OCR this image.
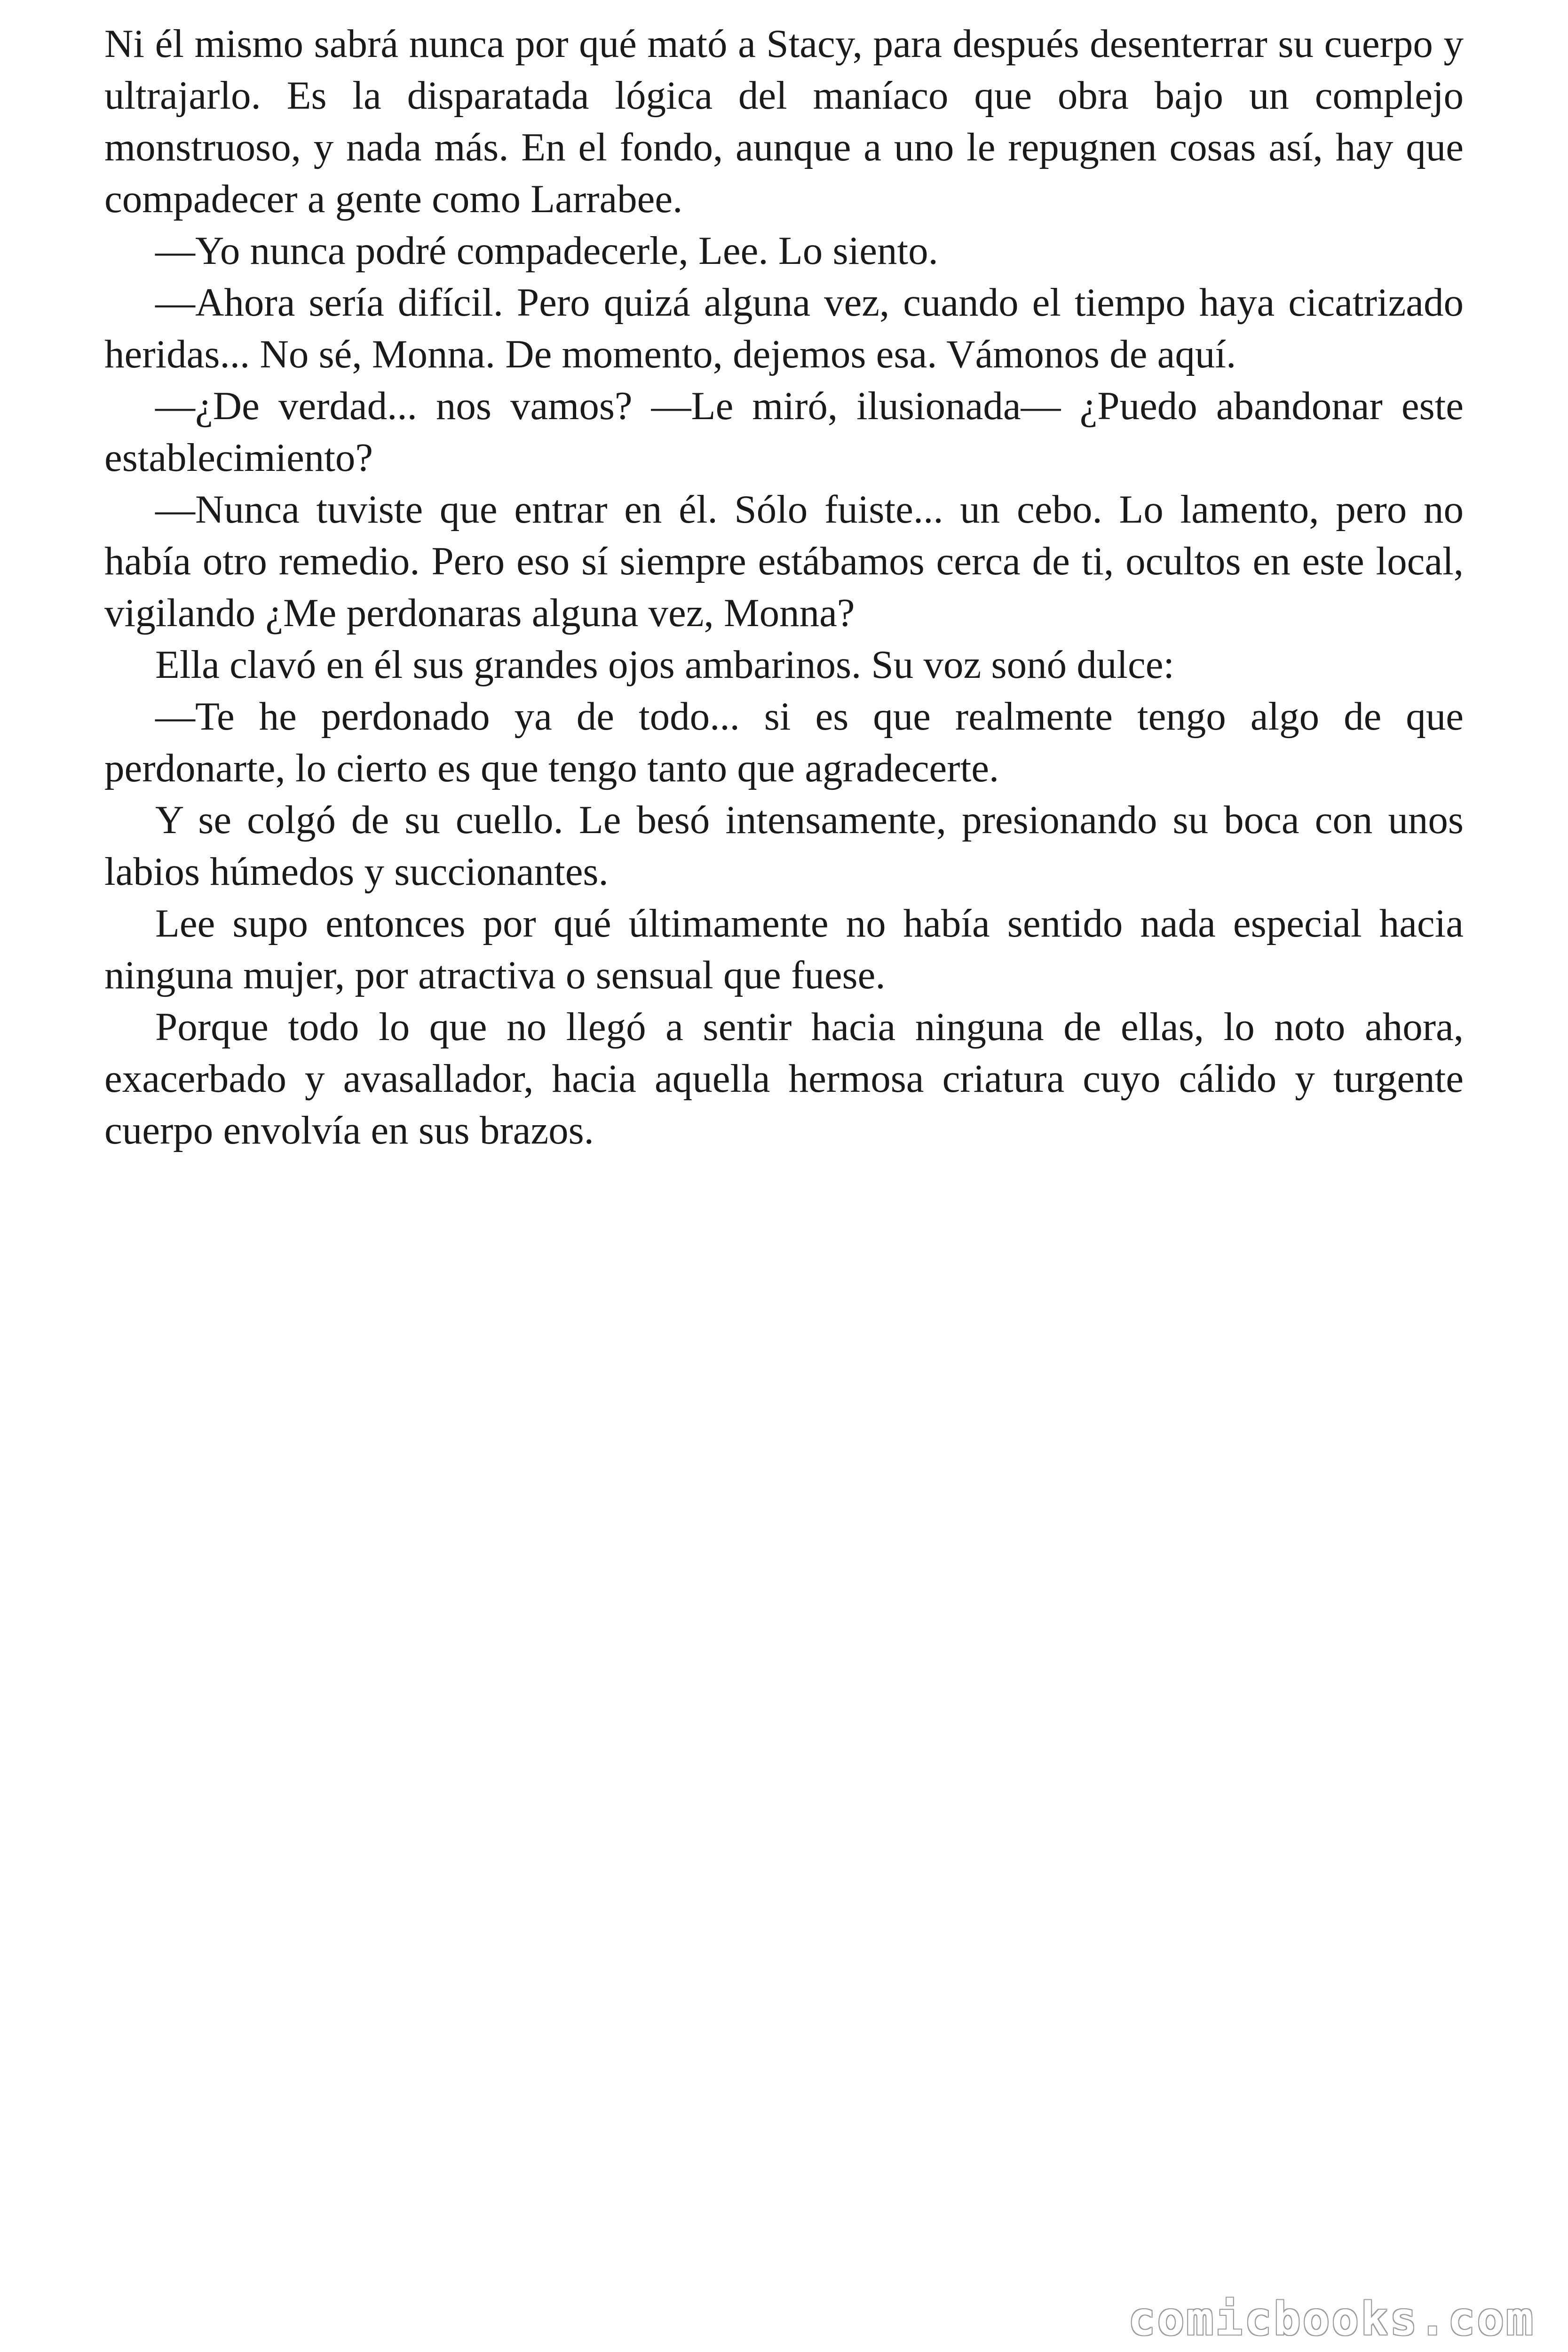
Ni él mismo sabrá nunca por qué mató a Stacy, para después desenterrar su cuerpo y ultrajarlo. Es la disparatada lógica del maníaco que obra bajo un complejo monstruoso, y nada más. En el fondo, aunque a uno le repugnen cosas así, hay que compadecer a gente como Larrabee.

—Yo nunca podré compadecerle, Lee. Lo siento.

—Ahora sería difícil. Pero quizá alguna vez, cuando el tiempo haya cicatrizado heridas... No sé, Monna. De momento, dejemos esa. Vámonos de aquí.

—¿De verdad... nos vamos? —Le miró, ilusionada— ¿Puedo abandonar este establecimiento?

—Nunca tuviste que entrar en él. Sólo fuiste... un cebo. Lo lamento, pero no había otro remedio. Pero eso sí siempre estábamos cerca de ti, ocultos en este local, vigilando ¿Me perdonaras alguna vez, Monna?

Ella clavó en él sus grandes ojos ambarinos. Su voz sonó dulce:

—Te he perdonado ya de todo... si es que realmente tengo algo de que perdonarte, lo cierto es que tengo tanto que agradecerte.

Y se colgó de su cuello. Le besó intensamente, presionando su boca con unos labios húmedos y succionantes.

Lee supo entonces por qué últimamente no había sentido nada especial hacia ninguna mujer, por atractiva o sensual que fuese.

Porque todo lo que no llegó a sentir hacia ninguna de ellas, lo noto ahora, exacerbado y avasallador, hacia aquella hermosa criatura cuyo cálido y turgente cuerpo envolvía en sus brazos.

comicbooks.com
